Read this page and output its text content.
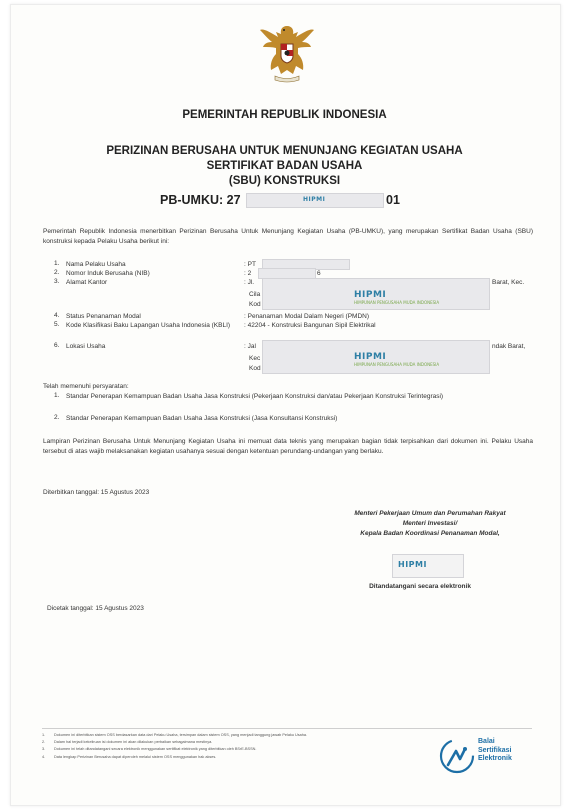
PEMERINTAH REPUBLIK INDONESIA
PERIZINAN BERUSAHA UNTUK MENUNJANG KEGIATAN USAHA
SERTIFIKAT BADAN USAHA
(SBU) KONSTRUKSI
PB-UMKU: 27	HIPMI	01
Pemerintah Republik Indonesia menerbitkan Perizinan Berusaha Untuk Menunjang Kegiatan Usaha (PB-UMKU), yang merupakan Sertifikat Badan Usaha (SBU) konstruksi kepada Pelaku Usaha berikut ini:
1. Nama Pelaku Usaha	: PT
2. Nomor Induk Berusaha (NIB)	: 2	6
3. Alamat Kantor	: Jl.
Cila
Kod
HIPMI
HIMPUNAN PENGUSAHA MUDA INDONESIA
Barat, Kec.
4. Status Penanaman Modal	: Penanaman Modal Dalam Negeri (PMDN)
5. Kode Klasifikasi Baku Lapangan Usaha Indonesia (KBLI)	: 42204 - Konstruksi Bangunan Sipil Elektrikal
6. Lokasi Usaha	: Jal
Kec
Kod
HIPMI
HIMPUNAN PENGUSAHA MUDA INDONESIA
ndak Barat,
Telah memenuhi persyaratan:
1. Standar Penerapan Kemampuan Badan Usaha Jasa Konstruksi (Pekerjaan Konstruksi dan/atau Pekerjaan Konstruksi Terintegrasi)
2. Standar Penerapan Kemampuan Badan Usaha Jasa Konstruksi (Jasa Konsultansi Konstruksi)
Lampiran Perizinan Berusaha Untuk Menunjang Kegiatan Usaha ini memuat data teknis yang merupakan bagian tidak terpisahkan dari dokumen ini. Pelaku Usaha tersebut di atas wajib melaksanakan kegiatan usahanya sesuai dengan ketentuan perundang-undangan yang berlaku.
Diterbitkan tanggal: 15 Agustus 2023
Menteri Pekerjaan Umum dan Perumahan Rakyat
Menteri Investasi/
Kepala Badan Koordinasi Penanaman Modal,
HIPMI
Ditandatangani secara elektronik
Dicetak tanggal: 15 Agustus 2023
1. Dokumen ini diterbitkan sistem OSS berdasarkan data dari Pelaku Usaha, tersimpan dalam sistem OSS, yang menjadi tanggung jawab Pelaku Usaha.
2. Dalam hal terjadi kekeliruan isi dokumen ini akan dilakukan perbaikan sebagaimana mestinya.
3. Dokumen ini telah ditandatangani secara elektronik menggunakan sertifikat elektronik yang diterbitkan oleh BSrE-BSSN.
4. Data lengkap Perizinan Berusaha dapat diperoleh melalui sistem OSS menggunakan hak akses.
Balai
Sertifikasi
Elektronik
